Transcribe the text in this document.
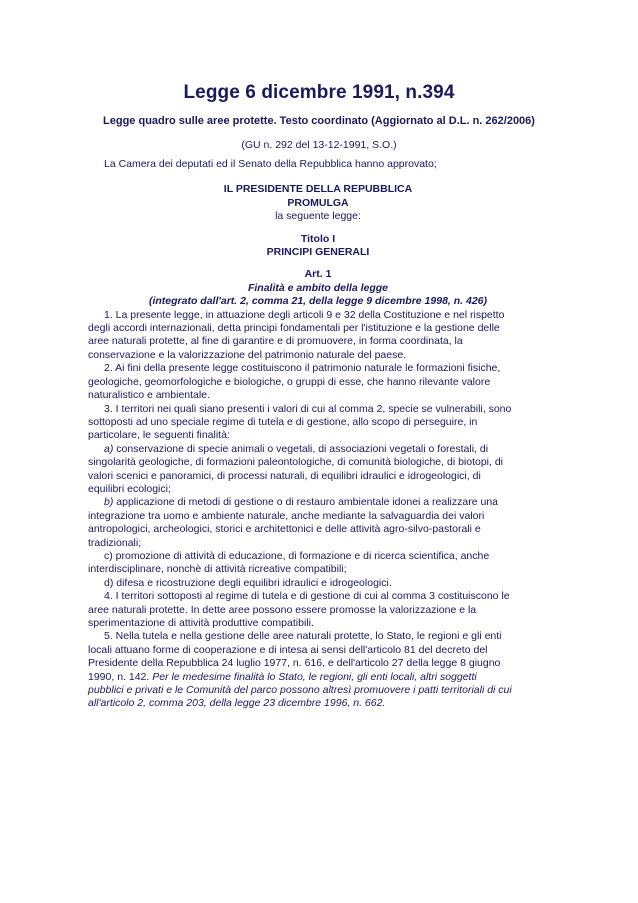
Legge 6 dicembre 1991, n.394
Legge quadro sulle aree protette. Testo coordinato (Aggiornato al D.L. n. 262/2006)
(GU n. 292 del 13-12-1991, S.O.)

La Camera dei deputati ed il Senato della Repubblica hanno approvato;

IL PRESIDENTE DELLA REPUBBLICA

PROMULGA

la seguente legge:

Titolo I

PRINCIPI GENERALI

Art. 1

Finalità e ambito della legge

(integrato dall'art. 2, comma 21, della legge 9 dicembre 1998, n. 426)

1. La presente legge, in attuazione degli articoli 9 e 32 della Costituzione e nel rispetto

degli accordi internazionali, detta principi fondamentali per l'istituzione e la gestione delle

aree naturali protette, al fine di garantire e di promuovere, in forma coordinata, la

conservazione e la valorizzazione del patrimonio naturale del paese.

2. Ai fini della presente legge costituiscono il patrimonio naturale le formazioni fisiche,

geologiche, geomorfologiche e biologiche, o gruppi di esse, che hanno rilevante valore

naturalistico e ambientale.

3. I territori nei quali siano presenti i valori di cui al comma 2, specie se vulnerabili, sono

sottoposti ad uno speciale regime di tutela e di gestione, allo scopo di perseguire, in

particolare, le seguenti finalità:

a) conservazione di specie animali o vegetali, di associazioni vegetali o forestali, di

singolarità geologiche, di formazioni paleontologiche, di comunità biologiche, di biotopi, di

valori scenici e panoramici, di processi naturali, di equilibri idraulici e idrogeologici, di

equilibri ecologici;

b) applicazione di metodi di gestione o di restauro ambientale idonei a realizzare una

integrazione tra uomo e ambiente naturale, anche mediante la salvaguardia dei valori

antropologici, archeologici, storici e architettonici e delle attività agro-silvo-pastorali e

tradizionali;

c) promozione di attività di educazione, di formazione e di ricerca scientifica, anche

interdisciplinare, nonchè di attività ricreative compatibili;

d) difesa e ricostruzione degli equilibri idraulici e idrogeologici.

4. I territori sottoposti al regime di tutela e di gestione di cui al comma 3 costituiscono le

aree naturali protette. In dette aree possono essere promosse la valorizzazione e la

sperimentazione di attività produttive compatibili.

5. Nella tutela e nella gestione delle aree naturali protette, lo Stato, le regioni e gli enti

locali attuano forme di cooperazione e di intesa ai sensi dell'articolo 81 del decreto del

Presidente della Repubblica 24 luglio 1977, n. 616, e dell'articolo 27 della legge 8 giugno

1990, n. 142. Per le medesime finalità lo Stato, le regioni, gli enti locali, altri soggetti

pubblici e privati e le Comunità del parco possono altresì promuovere i patti territoriali di cui

all'articolo 2, comma 203, della legge 23 dicembre 1996, n. 662.
